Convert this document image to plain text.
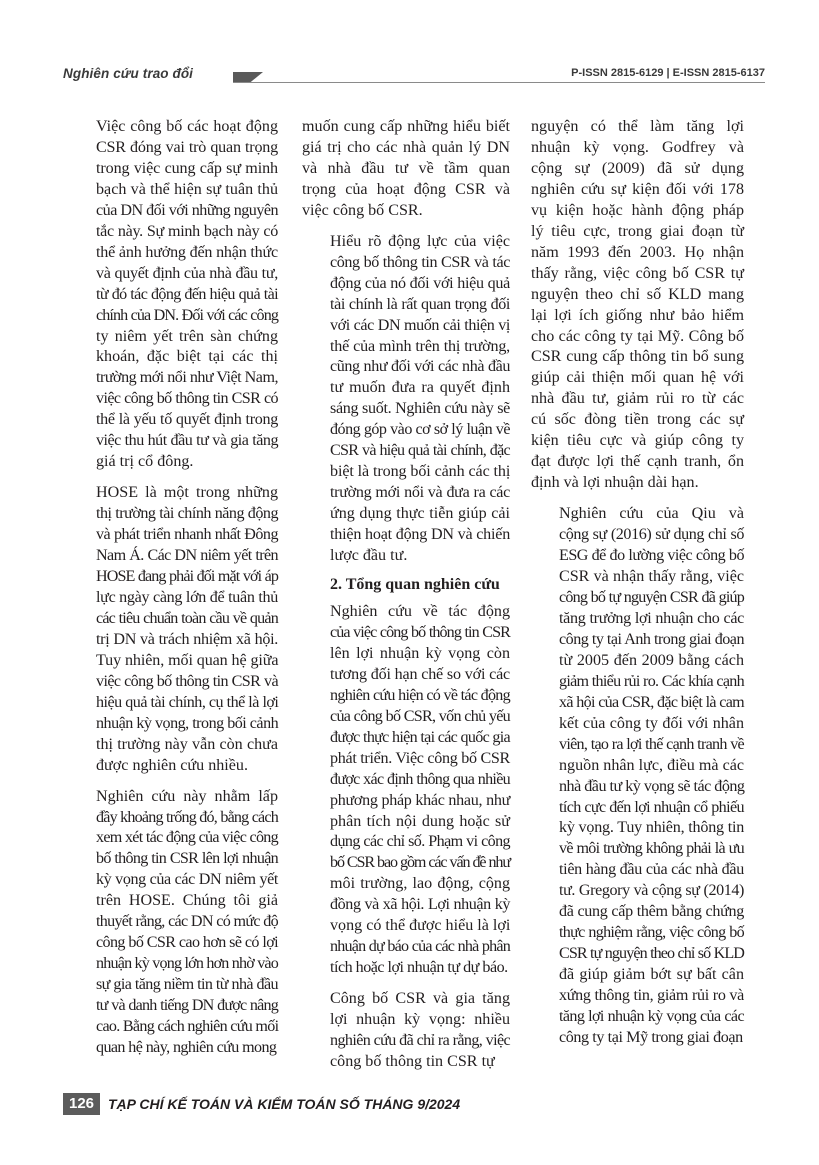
Nghiên cứu trao đổi	P-ISSN 2815-6129 | E-ISSN 2815-6137

Việc công bố các hoạt động
CSR đóng vai trò quan trọng
trong việc cung cấp sự minh
bạch và thể hiện sự tuân thủ
của DN đối với những nguyên
tắc này. Sự minh bạch này có
thể ảnh hưởng đến nhận thức
và quyết định của nhà đầu tư,
từ đó tác động đến hiệu quả tài
chính của DN. Đối với các công
ty niêm yết trên sàn chứng
khoán, đặc biệt tại các thị
trường mới nổi như Việt Nam,
việc công bố thông tin CSR có
thể là yếu tố quyết định trong
việc thu hút đầu tư và gia tăng
giá trị cổ đông.

HOSE là một trong những
thị trường tài chính năng động
và phát triển nhanh nhất Đông
Nam Á. Các DN niêm yết trên
HOSE đang phải đối mặt với áp
lực ngày càng lớn để tuân thủ
các tiêu chuẩn toàn cầu về quản
trị DN và trách nhiệm xã hội.
Tuy nhiên, mối quan hệ giữa
việc công bố thông tin CSR và
hiệu quả tài chính, cụ thể là lợi
nhuận kỳ vọng, trong bối cảnh
thị trường này vẫn còn chưa
được nghiên cứu nhiều.

Nghiên cứu này nhằm lấp
đầy khoảng trống đó, bằng cách
xem xét tác động của việc công
bố thông tin CSR lên lợi nhuận
kỳ vọng của các DN niêm yết
trên HOSE. Chúng tôi giả
thuyết rằng, các DN có mức độ
công bố CSR cao hơn sẽ có lợi
nhuận kỳ vọng lớn hơn nhờ vào
sự gia tăng niềm tin từ nhà đầu
tư và danh tiếng DN được nâng
cao. Bằng cách nghiên cứu mối
quan hệ này, nghiên cứu mong

muốn cung cấp những hiểu biết
giá trị cho các nhà quản lý DN
và nhà đầu tư về tầm quan
trọng của hoạt động CSR và
việc công bố CSR.

Hiểu rõ động lực của việc
công bố thông tin CSR và tác
động của nó đối với hiệu quả
tài chính là rất quan trọng đối
với các DN muốn cải thiện vị
thế của mình trên thị trường,
cũng như đối với các nhà đầu
tư muốn đưa ra quyết định
sáng suốt. Nghiên cứu này sẽ
đóng góp vào cơ sở lý luận về
CSR và hiệu quả tài chính, đặc
biệt là trong bối cảnh các thị
trường mới nổi và đưa ra các
ứng dụng thực tiễn giúp cải
thiện hoạt động DN và chiến
lược đầu tư.

2. Tổng quan nghiên cứu

Nghiên cứu về tác động
của việc công bố thông tin CSR
lên lợi nhuận kỳ vọng còn
tương đối hạn chế so với các
nghiên cứu hiện có về tác động
của công bố CSR, vốn chủ yếu
được thực hiện tại các quốc gia
phát triển. Việc công bố CSR
được xác định thông qua nhiều
phương pháp khác nhau, như
phân tích nội dung hoặc sử
dụng các chỉ số. Phạm vi công
bố CSR bao gồm các vấn đề như
môi trường, lao động, cộng
đồng và xã hội. Lợi nhuận kỳ
vọng có thể được hiểu là lợi
nhuận dự báo của các nhà phân
tích hoặc lợi nhuận tự dự báo.

Công bố CSR và gia tăng
lợi nhuận kỳ vọng: nhiều
nghiên cứu đã chỉ ra rằng, việc
công bố thông tin CSR tự

nguyện có thể làm tăng lợi
nhuận kỳ vọng. Godfrey và
cộng sự (2009) đã sử dụng
nghiên cứu sự kiện đối với 178
vụ kiện hoặc hành động pháp
lý tiêu cực, trong giai đoạn từ
năm 1993 đến 2003. Họ nhận
thấy rằng, việc công bố CSR tự
nguyện theo chỉ số KLD mang
lại lợi ích giống như bảo hiểm
cho các công ty tại Mỹ. Công bố
CSR cung cấp thông tin bổ sung
giúp cải thiện mối quan hệ với
nhà đầu tư, giảm rủi ro từ các
cú sốc đòng tiền trong các sự
kiện tiêu cực và giúp công ty
đạt được lợi thế cạnh tranh, ổn
định và lợi nhuận dài hạn.

Nghiên cứu của Qiu và
cộng sự (2016) sử dụng chỉ số
ESG để đo lường việc công bố
CSR và nhận thấy rằng, việc
công bố tự nguyện CSR đã giúp
tăng trưởng lợi nhuận cho các
công ty tại Anh trong giai đoạn
từ 2005 đến 2009 bằng cách
giảm thiểu rủi ro. Các khía cạnh
xã hội của CSR, đặc biệt là cam
kết của công ty đối với nhân
viên, tạo ra lợi thế cạnh tranh về
nguồn nhân lực, điều mà các
nhà đầu tư kỳ vọng sẽ tác động
tích cực đến lợi nhuận cổ phiếu
kỳ vọng. Tuy nhiên, thông tin
về môi trường không phải là ưu
tiên hàng đầu của các nhà đầu
tư. Gregory và cộng sự (2014)
đã cung cấp thêm bằng chứng
thực nghiệm rằng, việc công bố
CSR tự nguyện theo chỉ số KLD
đã giúp giảm bớt sự bất cân
xứng thông tin, giảm rủi ro và
tăng lợi nhuận kỳ vọng của các
công ty tại Mỹ trong giai đoạn

126 TẠP CHÍ KẾ TOÁN VÀ KIỂM TOÁN SỐ THÁNG 9/2024
